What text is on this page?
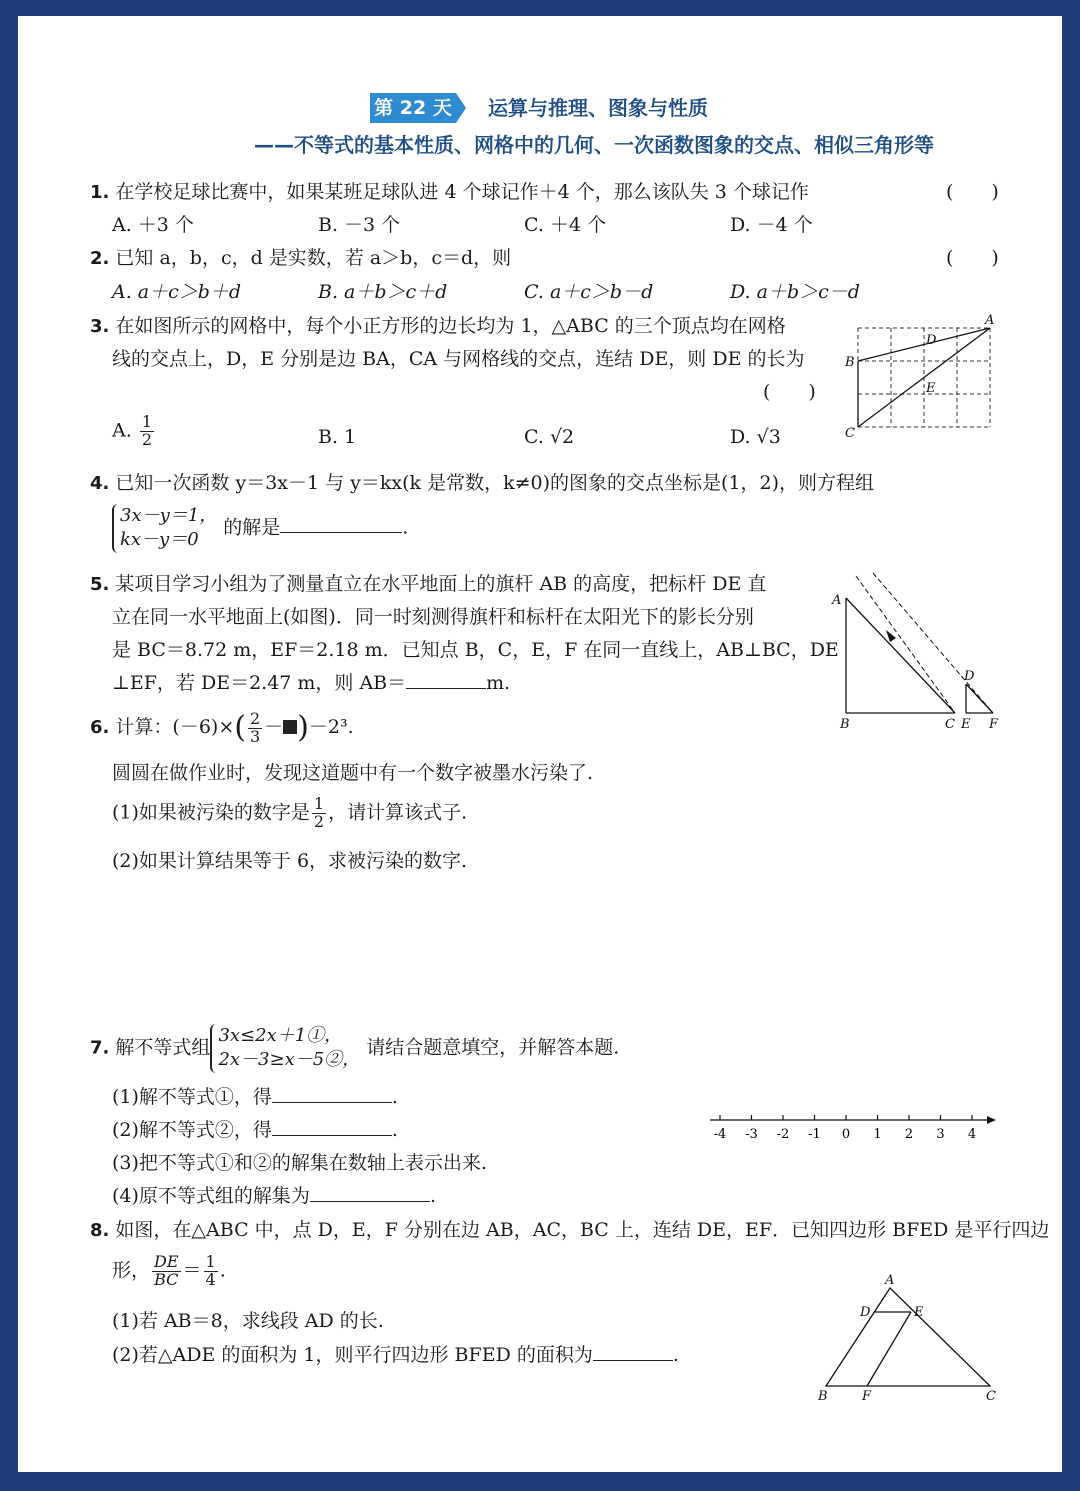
第 22 天 运算与推理、图象与性质
——不等式的基本性质、网格中的几何、一次函数图象的交点、相似三角形等
1. 在学校足球比赛中，如果某班足球队进 4 个球记作＋4 个，那么该队失 3 个球记作	(　　)
A. ＋3 个	B. －3 个	C. ＋4 个	D. －4 个
2. 已知 a，b，c，d 是实数，若 a＞b，c＝d，则	(　　)
A. a＋c＞b＋d	B. a＋b＞c＋d	C. a＋c＞b－d	D. a＋b＞c－d
3. 在如图所示的网格中，每个小正方形的边长均为 1，△ABC 的三个顶点均在网格
线的交点上，D，E 分别是边 BA，CA 与网格线的交点，连结 DE，则 DE 的长为
(　　)
A. $\frac{1}{2}$	B. 1	C. √2	D. √3
A
B
C
D
E
4. 已知一次函数 y＝3x－1 与 y＝kx(k 是常数，k≠0)的图象的交点坐标是(1，2)，则方程组
3x－y＝1，
kx－y＝0
的解是	.
5. 某项目学习小组为了测量直立在水平地面上的旗杆 AB 的高度，把标杆 DE 直
立在同一水平地面上(如图)．同一时刻测得旗杆和标杆在太阳光下的影长分别
是 BC＝8.72 m，EF＝2.18 m．已知点 B，C，E，F 在同一直线上，AB⊥BC，DE
⊥EF，若 DE＝2.47 m，则 AB＝	m.
A
B	C
D
E F
6. 计算：$(-6)\times( \frac{2}{3} - )-2^3$.
圆圆在做作业时，发现这道题中有一个数字被墨水污染了.
(1)如果被污染的数字是 $\frac{1}{2}$ ，请计算该式子.
(2)如果计算结果等于 6，求被污染的数字.
7. 解不等式组
3x≤2x＋1①，
2x－3≥x－5②，
请结合题意填空，并解答本题.
(1)解不等式①，得	.
(2)解不等式②，得	.
(3)把不等式①和②的解集在数轴上表示出来.
(4)原不等式组的解集为	.
-4 -3 -2 -1 0 1 2 3 4
8. 如图，在△ABC 中，点 D，E，F 分别在边 AB，AC，BC 上，连结 DE，EF．已知四边形 BFED 是平行四边
形， $\frac{DE}{BC} = \frac{1}{4}$ .
(1)若 AB＝8，求线段 AD 的长.
(2)若△ADE 的面积为 1，则平行四边形 BFED 的面积为	.
A
B	C
D	E
F
